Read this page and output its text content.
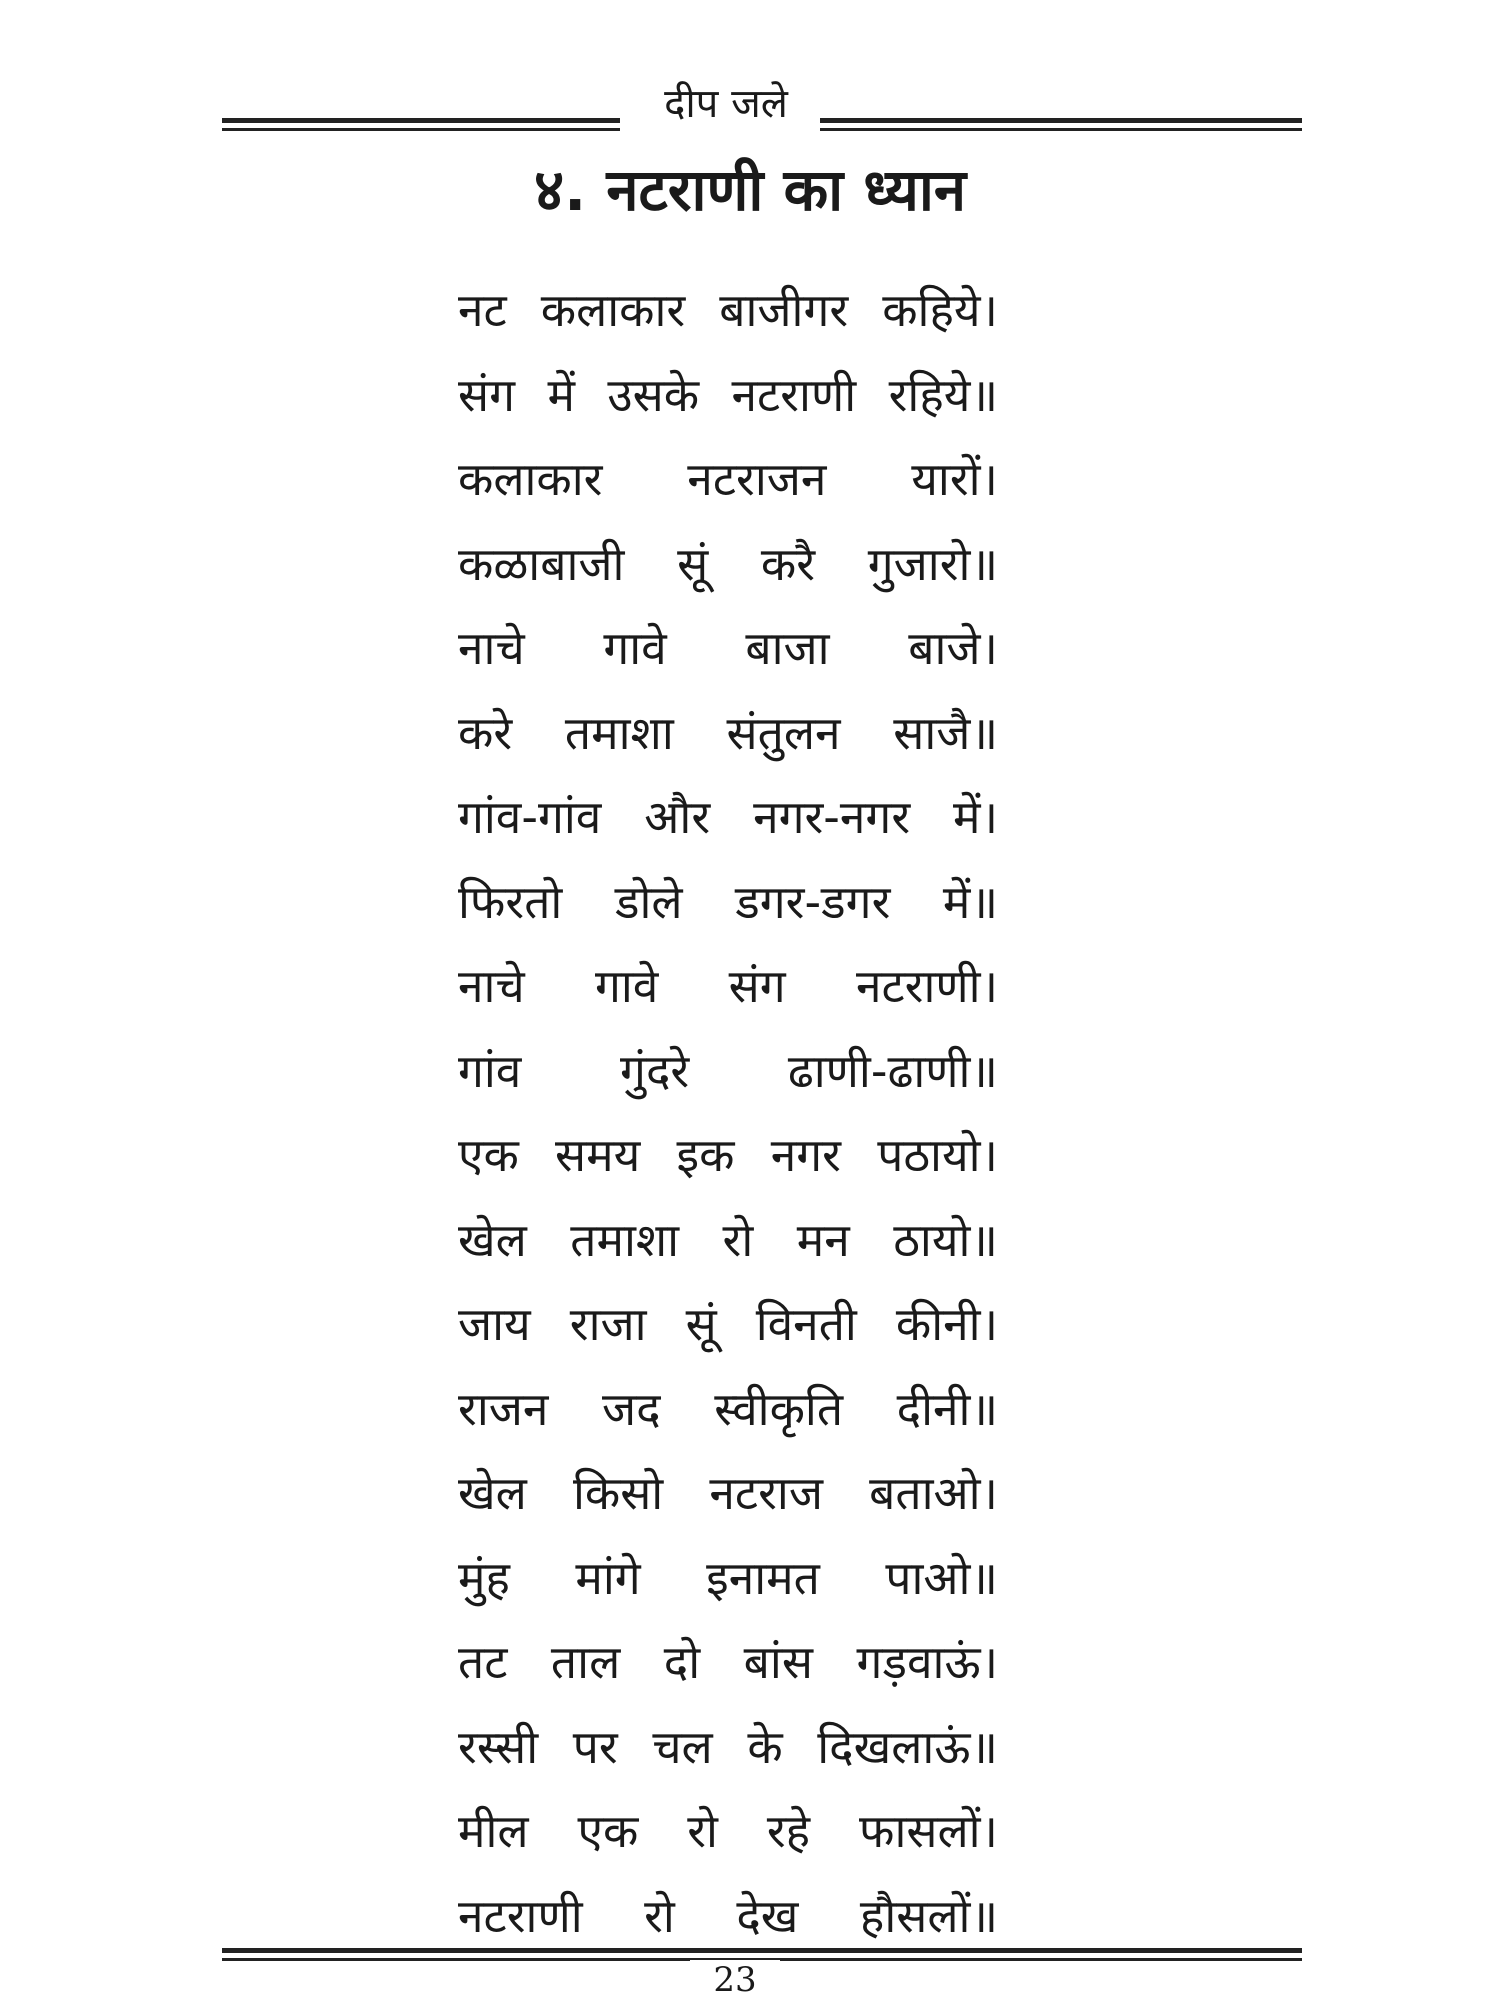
दीप जले
४. नटराणी का ध्यान
नट कलाकार बाजीगर कहिये।
संग में उसके नटराणी रहिये॥
कलाकार नटराजन यारों।
कळाबाजी सूं करै गुजारो॥
नाचे गावे बाजा बाजे।
करे तमाशा संतुलन साजै॥
गांव-गांव और नगर-नगर में।
फिरतो डोले डगर-डगर में॥
नाचे गावे संग नटराणी।
गांव गुंदरे ढाणी-ढाणी॥
एक समय इक नगर पठायो।
खेल तमाशा रो मन ठायो॥
जाय राजा सूं विनती कीनी।
राजन जद स्वीकृति दीनी॥
खेल किसो नटराज बताओ।
मुंह मांगे इनामत पाओ॥
तट ताल दो बांस गड़वाऊं।
रस्सी पर चल के दिखलाऊं॥
मील एक रो रहे फासलों।
नटराणी रो देख हौसलों॥
23
